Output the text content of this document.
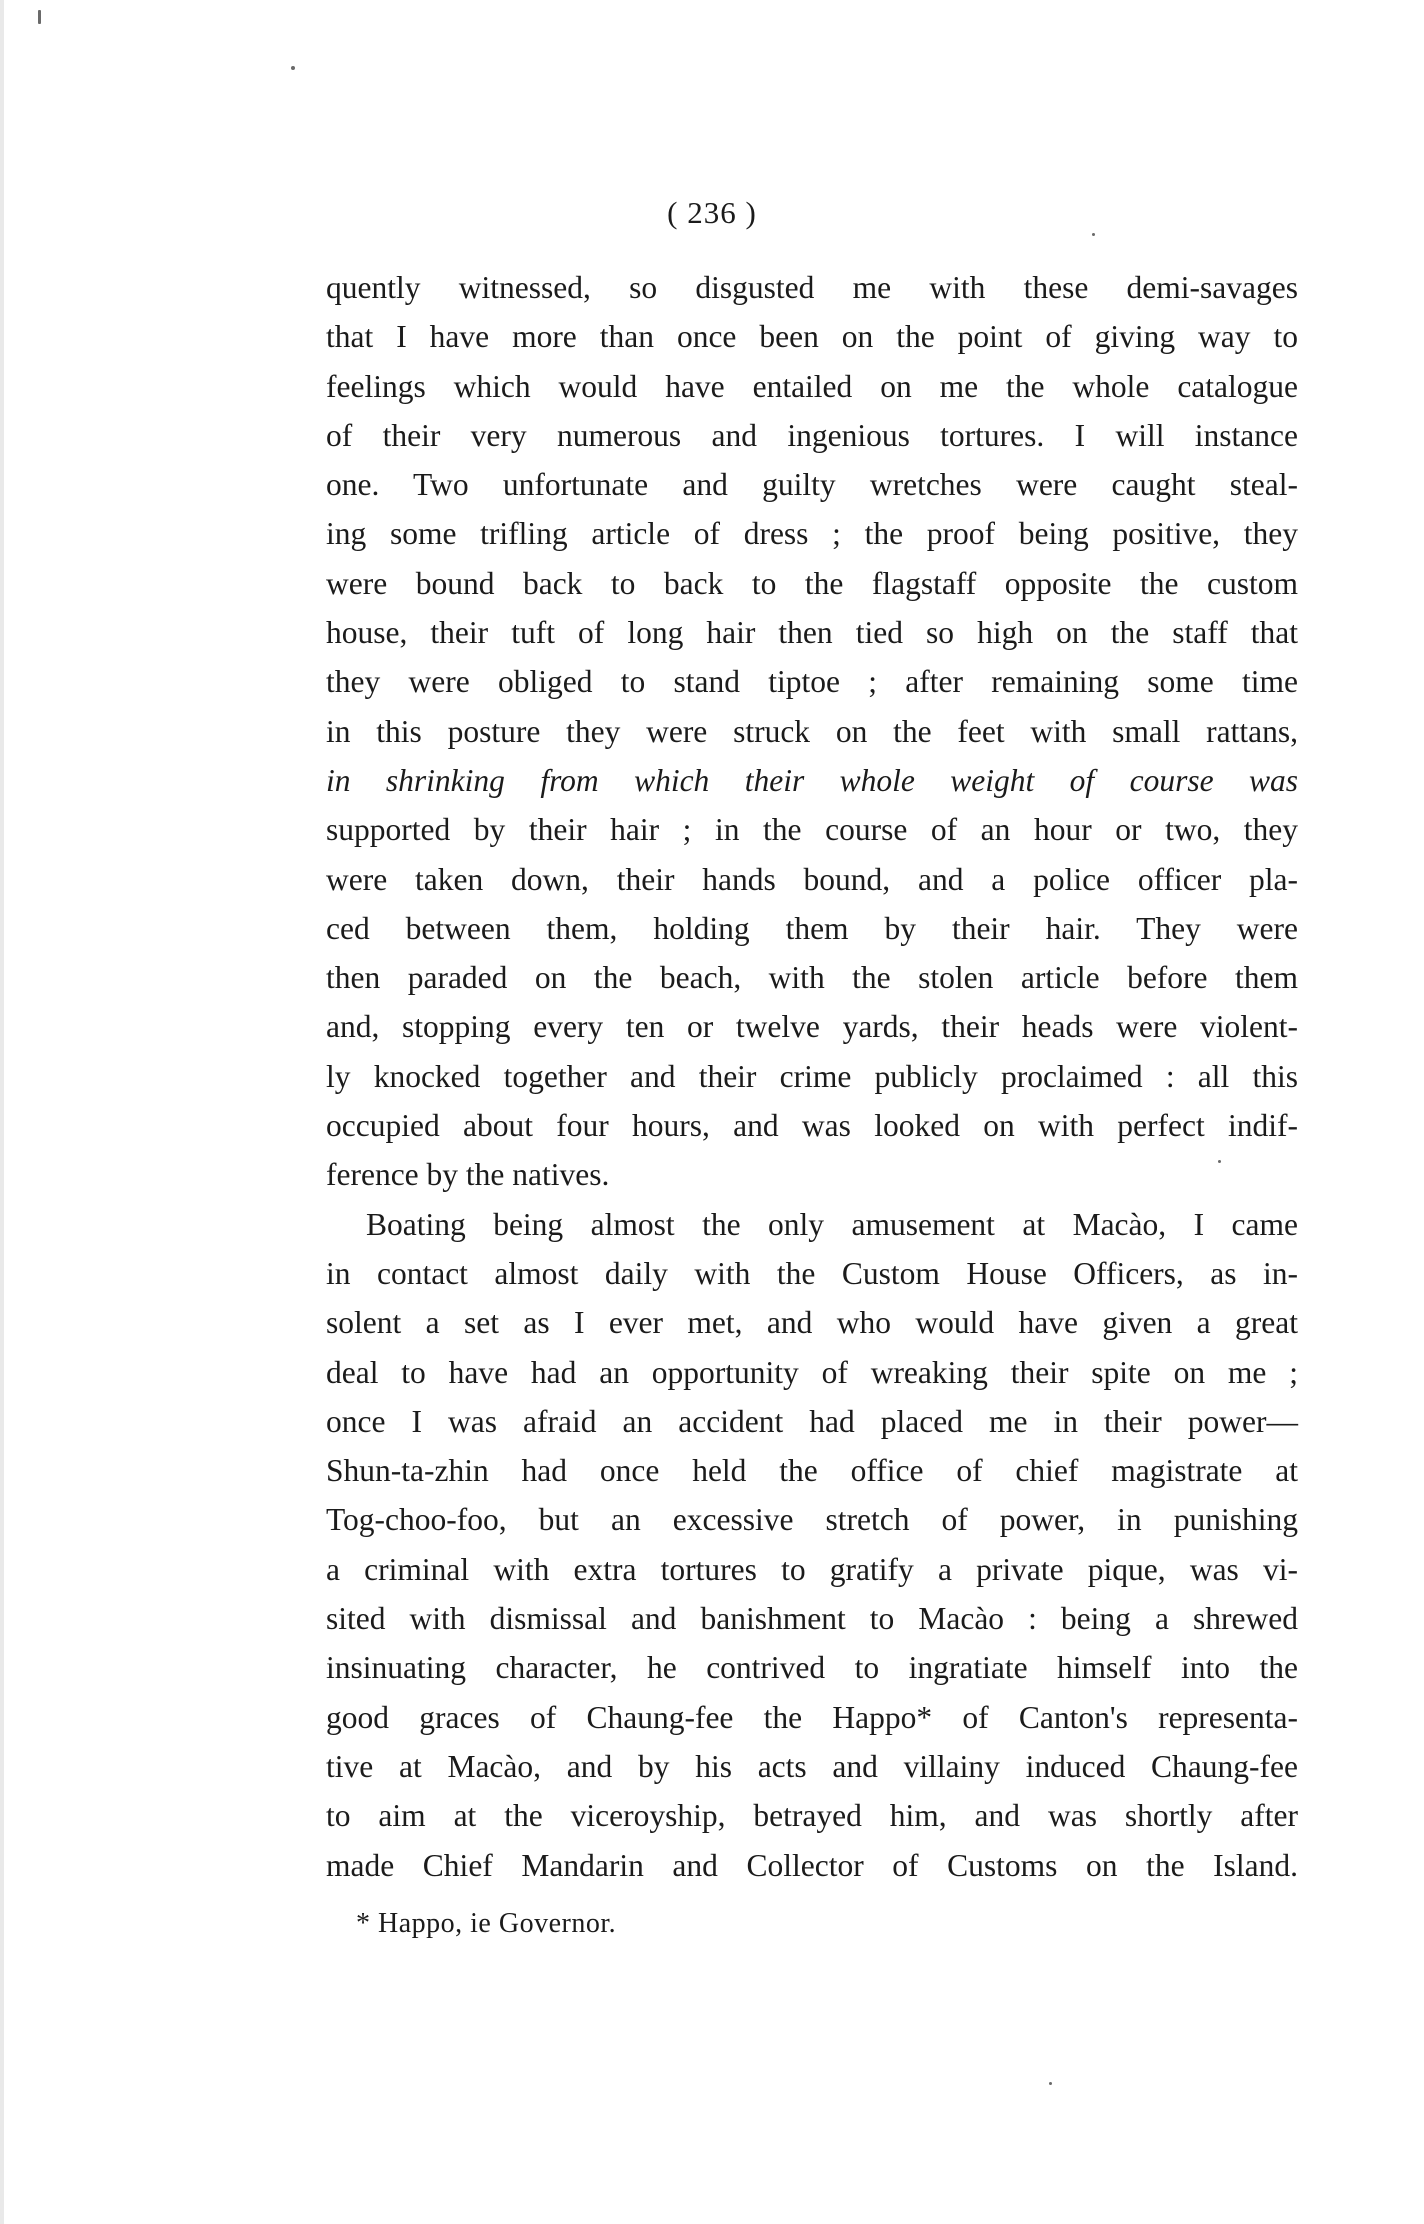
( 236 )
quently witnessed, so disgusted me with these demi-savages
that I have more than once been on the point of giving way to
feelings which would have entailed on me the whole catalogue
of their very numerous and ingenious tortures. I will instance
one. Two unfortunate and guilty wretches were caught steal-
ing some trifling article of dress ; the proof being positive, they
were bound back to back to the flagstaff opposite the custom
house, their tuft of long hair then tied so high on the staff that
they were obliged to stand tiptoe ; after remaining some time
in this posture they were struck on the feet with small rattans,
in shrinking from which their whole weight of course was
supported by their hair ; in the course of an hour or two, they
were taken down, their hands bound, and a police officer pla-
ced between them, holding them by their hair. They were
then paraded on the beach, with the stolen article before them
and, stopping every ten or twelve yards, their heads were violent-
ly knocked together and their crime publicly proclaimed : all this
occupied about four hours, and was looked on with perfect indif-
ference by the natives.
Boating being almost the only amusement at Macào, I came
in contact almost daily with the Custom House Officers, as in-
solent a set as I ever met, and who would have given a great
deal to have had an opportunity of wreaking their spite on me ;
once I was afraid an accident had placed me in their power—
Shun-ta-zhin had once held the office of chief magistrate at
Tog-choo-foo, but an excessive stretch of power, in punishing
a criminal with extra tortures to gratify a private pique, was vi-
sited with dismissal and banishment to Macào : being a shrewed
insinuating character, he contrived to ingratiate himself into the
good graces of Chaung-fee the Happo* of Canton's representa-
tive at Macào, and by his acts and villainy induced Chaung-fee
to aim at the viceroyship, betrayed him, and was shortly after
made Chief Mandarin and Collector of Customs on the Island.
* Happo, ie Governor.
